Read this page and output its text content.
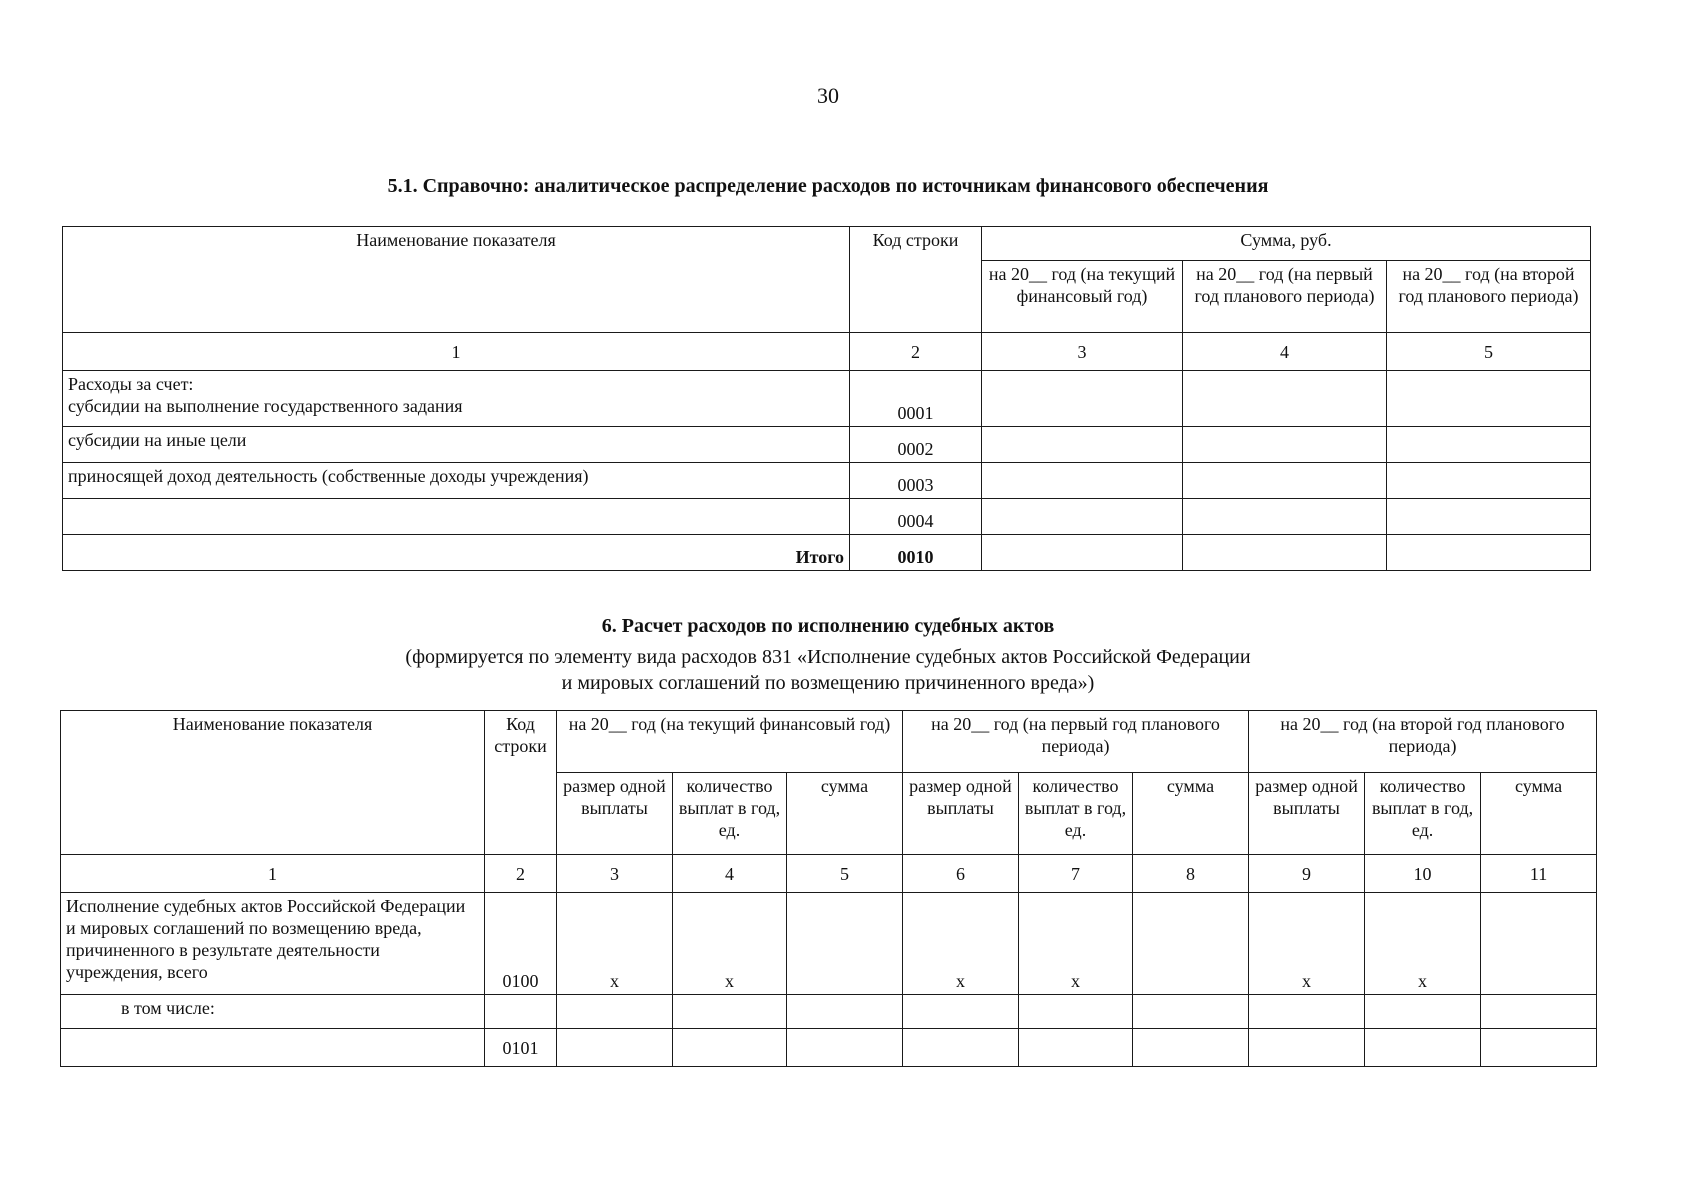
30
5.1. Справочно: аналитическое распределение расходов по источникам финансового обеспечения
Наименование показателя	Код строки	Сумма, руб.		
		на 20__ год (на текущий финансовый год)	на 20__ год (на первый год планового периода)	на 20__ год (на второй год планового периода)
1	2	3	4	5

Расходы за счет:
субсидии на выполнение государственного задания	0001			
субсидии на иные цели	0002			
приносящей доход деятельность (собственные доходы учреждения)	0003			
	0004			
Итого	0010			
6. Расчет расходов по исполнению судебных актов
(формируется по элементу вида расходов 831 «Исполнение судебных актов Российской Федерации
и мировых соглашений по возмещению причиненного вреда»)
Наименование показателя	Код строки	на 20__ год (на текущий финансовый год)			на 20__ год (на первый год планового периода)			на 20__ год (на второй год планового периода)		
		размер одной выплаты	количество выплат в год, ед.	сумма	размер одной выплаты	количество выплат в год, ед.	сумма	размер одной выплаты	количество выплат в год, ед.	сумма
1	2	3	4	5	6	7	8	9	10	11
Исполнение судебных актов Российской Федерации и мировых соглашений по возмещению вреда, причиненного в результате деятельности учреждения, всего	0100	x	x		x	x		x	x	
в том числе:										
	0101									
